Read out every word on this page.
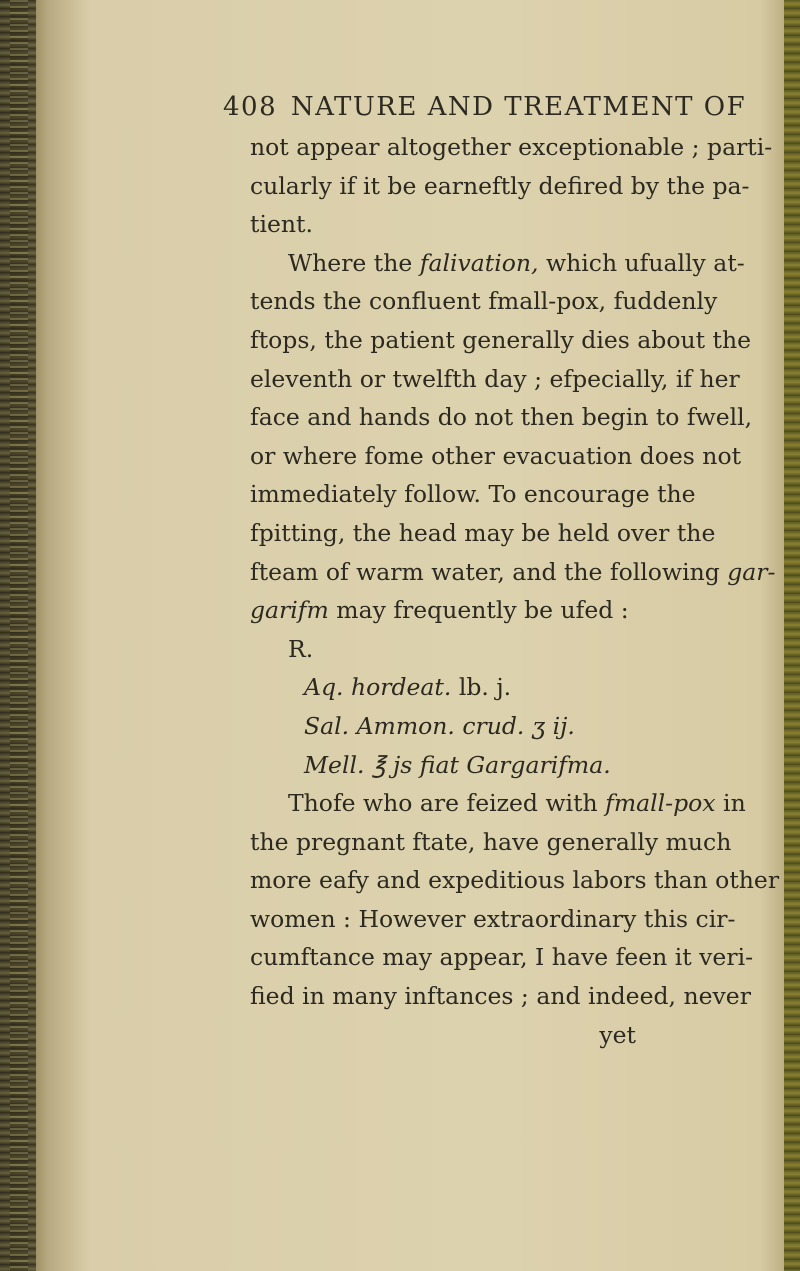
408 NATURE AND TREATMENT OF
not appear altogether exceptionable ; parti-
cularly if it be earneftly defired by the pa-
tient.
Where the falivation, which ufually at-
tends the confluent fmall-pox, fuddenly
ftops, the patient generally dies about the
eleventh or twelfth day ; efpecially, if her
face and hands do not then begin to fwell,
or where fome other evacuation does not
immediately follow. To encourage the
fpitting, the head may be held over the
fteam of warm water, and the following gar-
garifm may frequently be ufed :
R.
Aq. hordeat. lb. j.
Sal. Ammon. crud. ʒ ij.
Mell. ℥ js fiat Gargarifma.
Thofe who are feized with fmall-pox in
the pregnant ftate, have generally much
more eafy and expeditious labors than other
women : However extraordinary this cir-
cumftance may appear, I have feen it veri-
fied in many inftances ; and indeed, never
yet
